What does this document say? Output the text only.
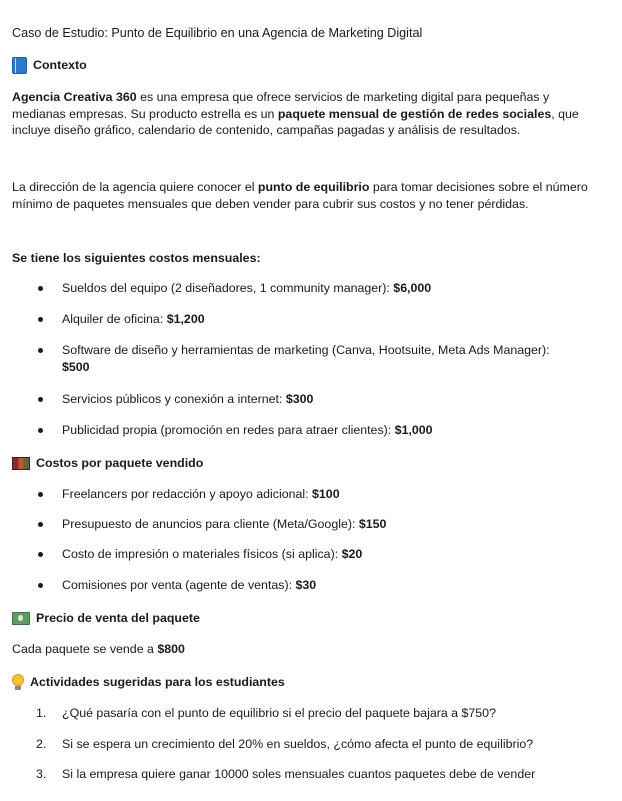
Caso de Estudio: Punto de Equilibrio en una Agencia de Marketing Digital
Contexto
Agencia Creativa 360 es una empresa que ofrece servicios de marketing digital para pequeñas y medianas empresas. Su producto estrella es un paquete mensual de gestión de redes sociales, que incluye diseño gráfico, calendario de contenido, campañas pagadas y análisis de resultados.
La dirección de la agencia quiere conocer el punto de equilibrio para tomar decisiones sobre el número mínimo de paquetes mensuales que deben vender para cubrir sus costos y no tener pérdidas.
Se tiene los siguientes costos mensuales:
Sueldos del equipo (2 diseñadores, 1 community manager): $6,000
Alquiler de oficina: $1,200
Software de diseño y herramientas de marketing (Canva, Hootsuite, Meta Ads Manager): $500
Servicios públicos y conexión a internet: $300
Publicidad propia (promoción en redes para atraer clientes): $1,000
Costos por paquete vendido
Freelancers por redacción y apoyo adicional: $100
Presupuesto de anuncios para cliente (Meta/Google): $150
Costo de impresión o materiales físicos (si aplica): $20
Comisiones por venta (agente de ventas): $30
Precio de venta del paquete
Cada paquete se vende a $800
Actividades sugeridas para los estudiantes
1. ¿Qué pasaría con el punto de equilibrio si el precio del paquete bajara a $750?
2. Si se espera un crecimiento del 20% en sueldos, ¿cómo afecta el punto de equilibrio?
3. Si la empresa quiere ganar 10000 soles mensuales cuantos paquetes debe de vender
